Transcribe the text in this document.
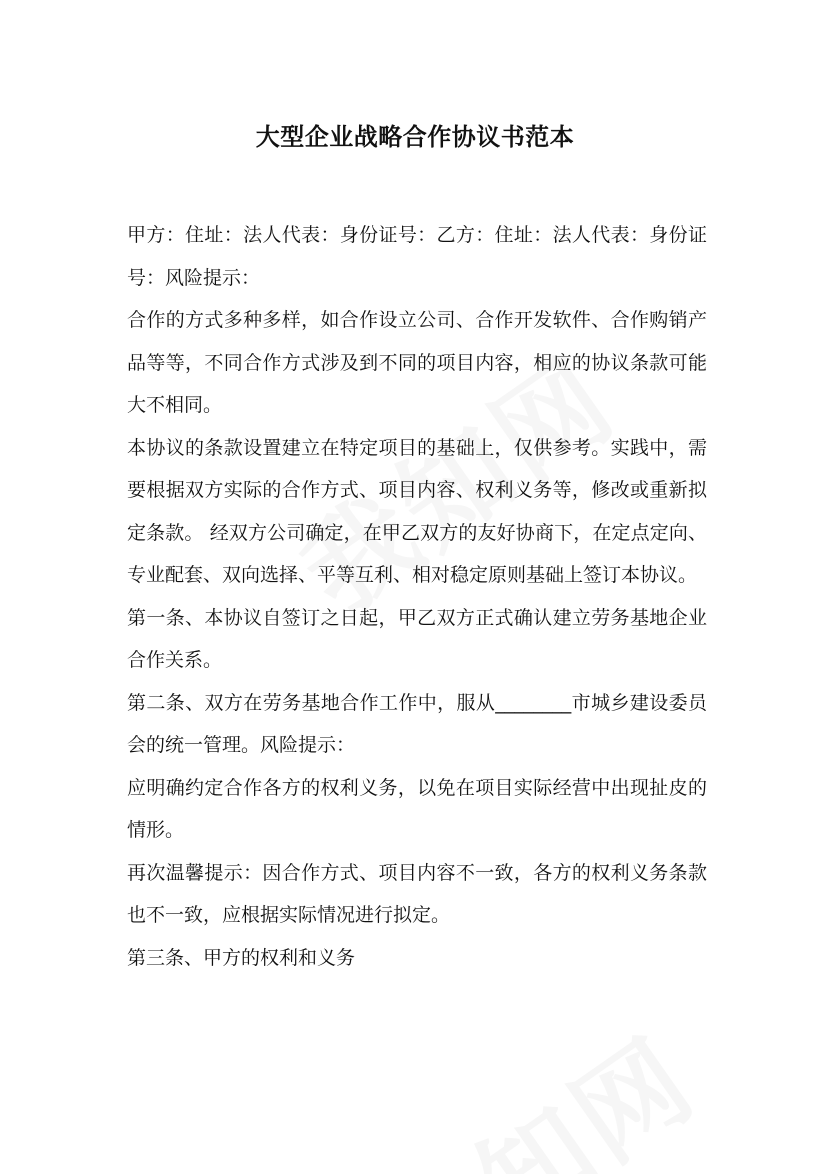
大型企业战略合作协议书范本

甲方：住址：法人代表：身份证号：乙方：住址：法人代表：身份证号：风险提示：

合作的方式多种多样，如合作设立公司、合作开发软件、合作购销产品等等，不同合作方式涉及到不同的项目内容，相应的协议条款可能大不相同。

本协议的条款设置建立在特定项目的基础上，仅供参考。实践中，需要根据双方实际的合作方式、项目内容、权利义务等，修改或重新拟定条款。 经双方公司确定，在甲乙双方的友好协商下，在定点定向、专业配套、双向选择、平等互利、相对稳定原则基础上签订本协议。

第一条、本协议自签订之日起，甲乙双方正式确认建立劳务基地企业合作关系。

第二条、双方在劳务基地合作工作中，服从________市城乡建设委员会的统一管理。风险提示：

应明确约定合作各方的权利义务，以免在项目实际经营中出现扯皮的情形。

再次温馨提示：因合作方式、项目内容不一致，各方的权利义务条款也不一致，应根据实际情况进行拟定。

第三条、甲方的权利和义务
